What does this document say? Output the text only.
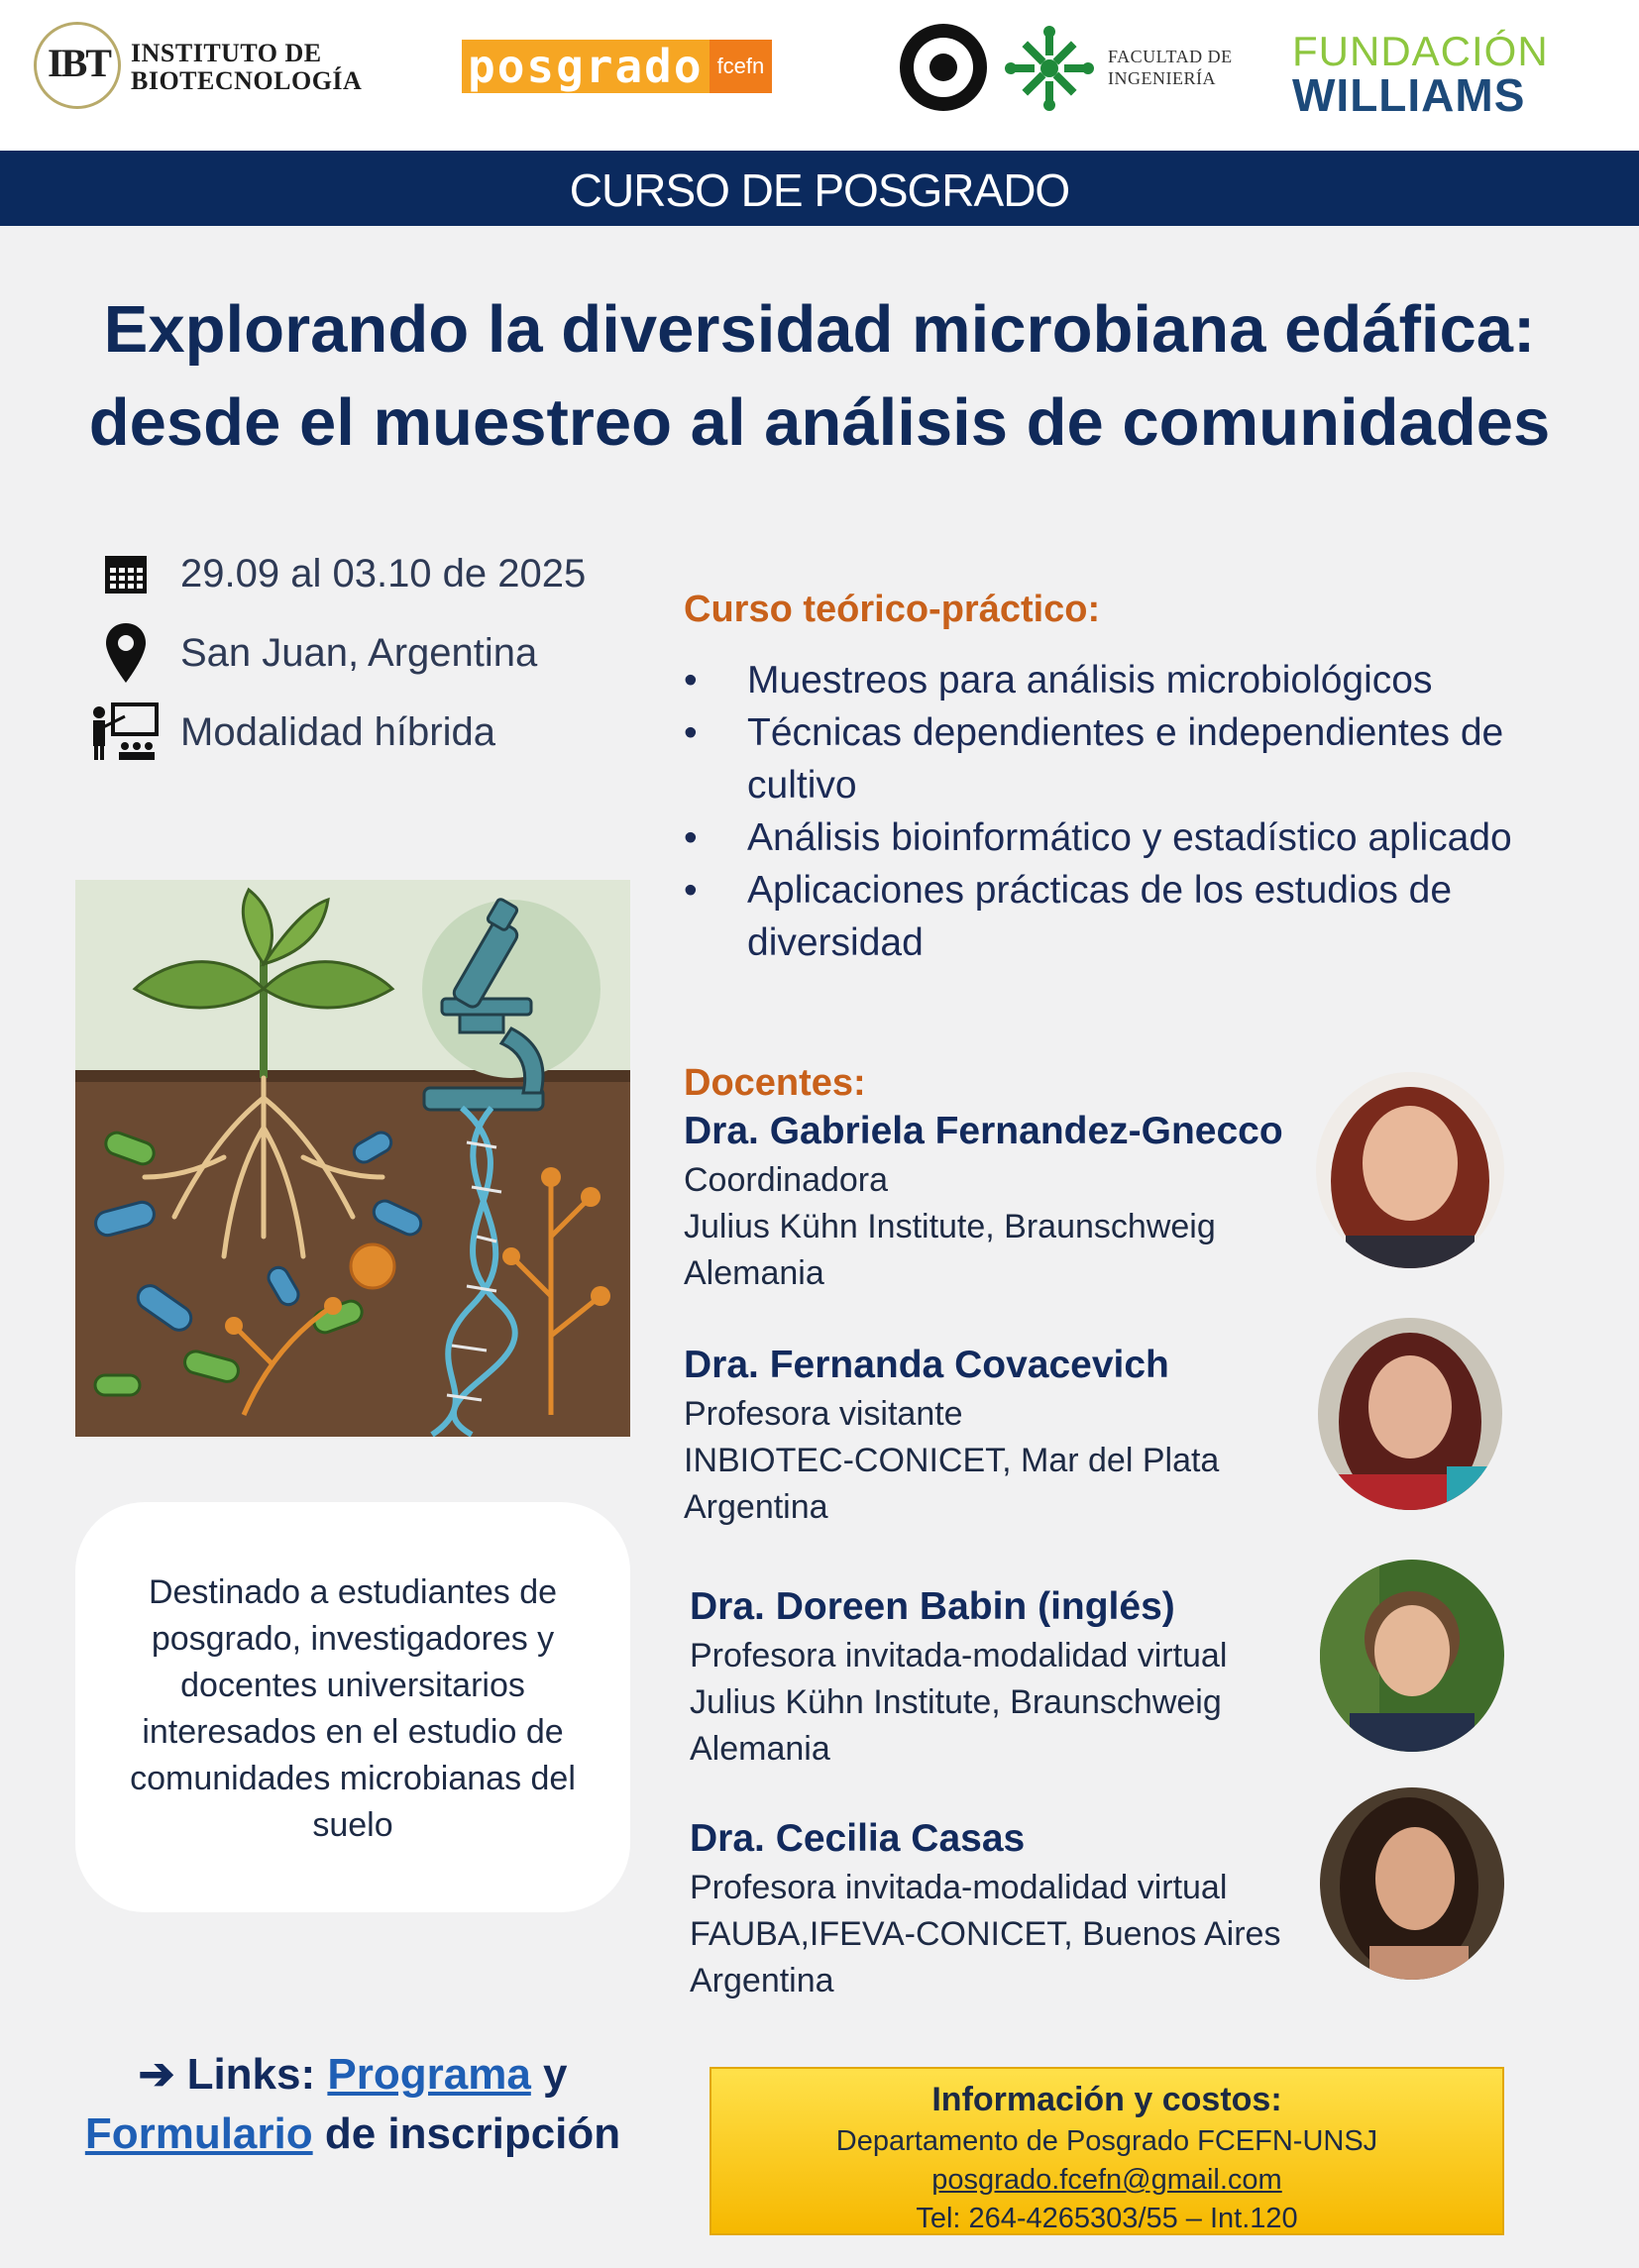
IBT INSTITUTO DE
BIOTECNOLOGÍA posgrado fcefn	FACULTAD DE
INGENIERÍA
FUNDACIÓN
WILLIAMS
CURSO DE POSGRADO
Explorando la diversidad microbiana edáfica:
desde el muestreo al análisis de comunidades
29.09 al 03.10 de 2025
San Juan, Argentina
Modalidad híbrida
Destinado a estudiantes de posgrado, investigadores y docentes universitarios interesados en el estudio de comunidades microbianas del suelo
Curso teórico-práctico:
• Muestreos para análisis microbiológicos
• Técnicas dependientes e independientes de cultivo
• Análisis bioinformático y estadístico aplicado
• Aplicaciones prácticas de los estudios de diversidad
Docentes:
Dra. Gabriela Fernandez-Gnecco
Coordinadora
Julius Kühn Institute, Braunschweig
Alemania
Dra. Fernanda Covacevich
Profesora visitante
INBIOTEC-CONICET, Mar del Plata
Argentina
Dra. Doreen Babin (inglés)
Profesora invitada-modalidad virtual
Julius Kühn Institute, Braunschweig
Alemania
Dra. Cecilia Casas
Profesora invitada-modalidad virtual
FAUBA,IFEVA-CONICET, Buenos Aires
Argentina
➔ Links: Programa y
Formulario de inscripción
Información y costos:
Departamento de Posgrado FCEFN-UNSJ
posgrado.fcefn@gmail.com
Tel: 264-4265303/55 – Int.120
